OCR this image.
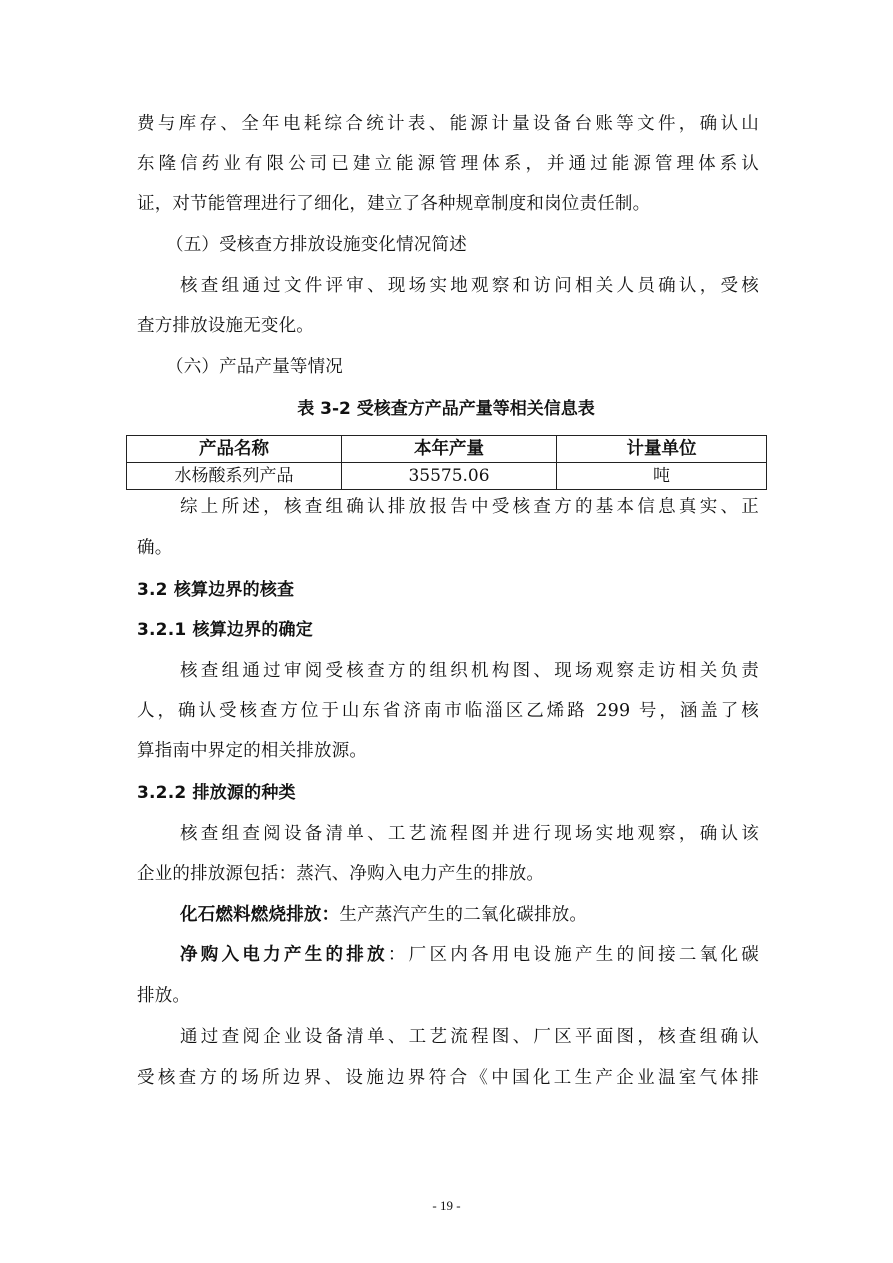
费与库存、全年电耗综合统计表、能源计量设备台账等文件，确认山
东隆信药业有限公司已建立能源管理体系，并通过能源管理体系认
证，对节能管理进行了细化，建立了各种规章制度和岗位责任制。
（五）受核查方排放设施变化情况简述
核查组通过文件评审、现场实地观察和访问相关人员确认，受核
查方排放设施无变化。
（六）产品产量等情况
表 3-2 受核查方产品产量等相关信息表
产品名称	本年产量	计量单位
水杨酸系列产品	35575.06	吨
综上所述，核查组确认排放报告中受核查方的基本信息真实、正
确。
3.2 核算边界的核查
3.2.1 核算边界的确定
核查组通过审阅受核查方的组织机构图、现场观察走访相关负责
人，确认受核查方位于山东省济南市临淄区乙烯路 299 号，涵盖了核
算指南中界定的相关排放源。
3.2.2 排放源的种类
核查组查阅设备清单、工艺流程图并进行现场实地观察，确认该
企业的排放源包括：蒸汽、净购入电力产生的排放。
化石燃料燃烧排放：生产蒸汽产生的二氧化碳排放。
净购入电力产生的排放：厂区内各用电设施产生的间接二氧化碳
排放。
通过查阅企业设备清单、工艺流程图、厂区平面图，核查组确认
受核查方的场所边界、设施边界符合《中国化工生产企业温室气体排
- 19 -
